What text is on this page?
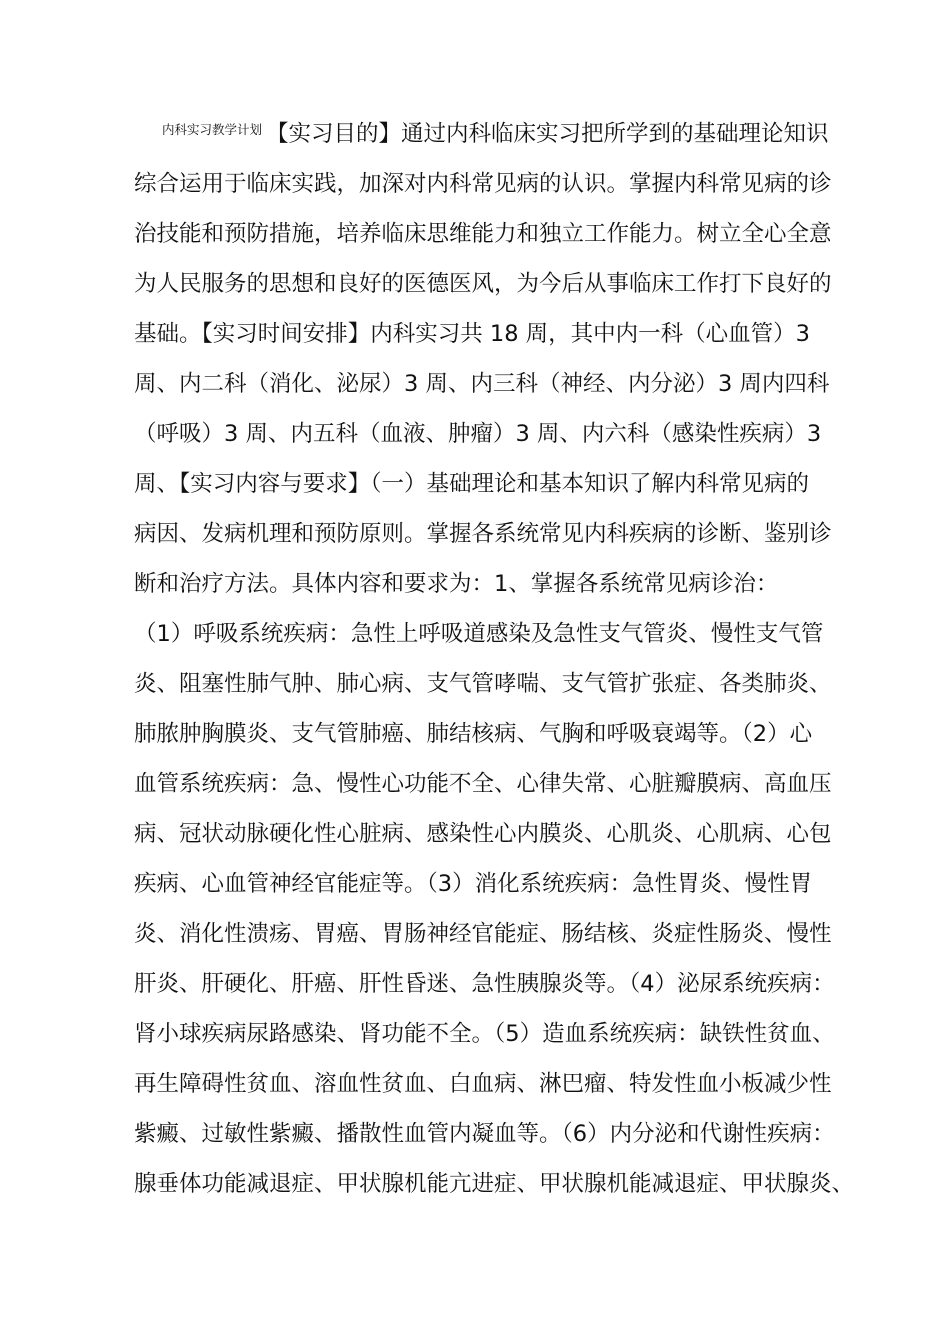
内科实习教学计划 【实习目的】通过内科临床实习把所学到的基础理论知识
综合运用于临床实践，加深对内科常见病的认识。掌握内科常见病的诊
治技能和预防措施，培养临床思维能力和独立工作能力。树立全心全意
为人民服务的思想和良好的医德医风，为今后从事临床工作打下良好的
基础。【实习时间安排】内科实习共 18 周，其中内一科（心血管）3
周、内二科（消化、泌尿）3 周、内三科（神经、内分泌）3 周内四科
（呼吸）3 周、内五科（血液、肿瘤）3 周、内六科（感染性疾病）3
周、【实习内容与要求】（一）基础理论和基本知识了解内科常见病的
病因、发病机理和预防原则。掌握各系统常见内科疾病的诊断、鉴别诊
断和治疗方法。具体内容和要求为：1、掌握各系统常见病诊治：
（1）呼吸系统疾病：急性上呼吸道感染及急性支气管炎、慢性支气管
炎、阻塞性肺气肿、肺心病、支气管哮喘、支气管扩张症、各类肺炎、
肺脓肿胸膜炎、支气管肺癌、肺结核病、气胸和呼吸衰竭等。（2）心
血管系统疾病：急、慢性心功能不全、心律失常、心脏瓣膜病、高血压
病、冠状动脉硬化性心脏病、感染性心内膜炎、心肌炎、心肌病、心包
疾病、心血管神经官能症等。（3）消化系统疾病：急性胃炎、慢性胃
炎、消化性溃疡、胃癌、胃肠神经官能症、肠结核、炎症性肠炎、慢性
肝炎、肝硬化、肝癌、肝性昏迷、急性胰腺炎等。（4）泌尿系统疾病：
肾小球疾病尿路感染、肾功能不全。（5）造血系统疾病：缺铁性贫血、
再生障碍性贫血、溶血性贫血、白血病、淋巴瘤、特发性血小板减少性
紫癜、过敏性紫癜、播散性血管内凝血等。（6）内分泌和代谢性疾病：
腺垂体功能减退症、甲状腺机能亢进症、甲状腺机能减退症、甲状腺炎、
